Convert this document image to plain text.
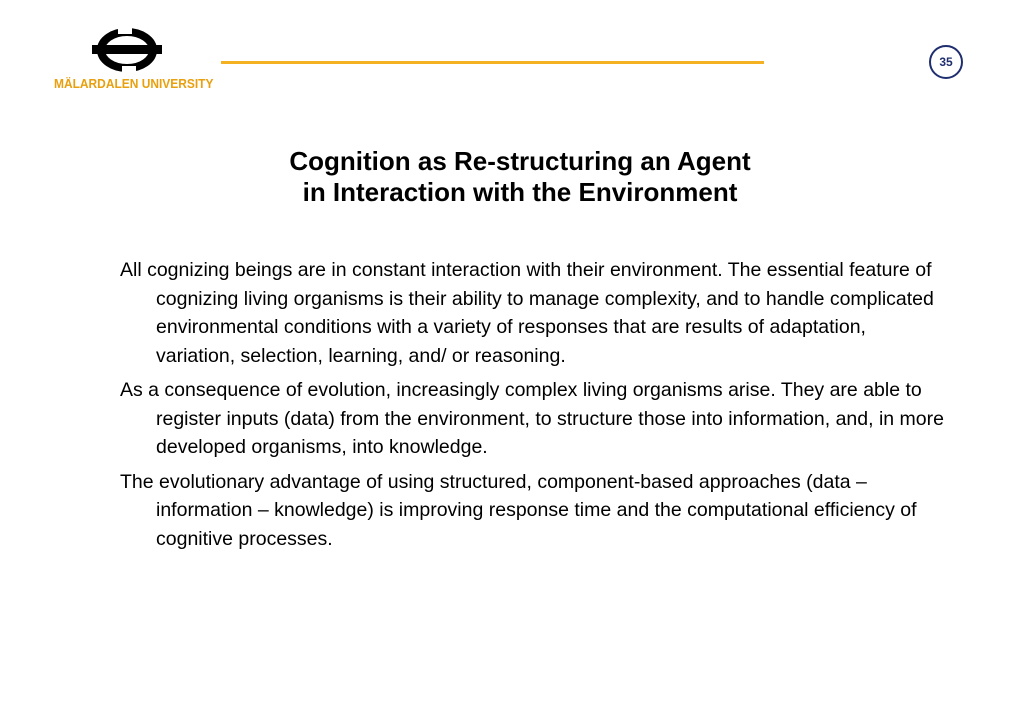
MÄLARDALEN UNIVERSITY
35
Cognition as Re-structuring an Agent
in Interaction with the Environment

All cognizing beings are in constant interaction with their environment. The essential feature of cognizing living organisms is their ability to manage complexity, and to handle complicated environmental conditions with a variety of responses that are results of adaptation, variation, selection, learning, and/ or reasoning.

As a consequence of evolution, increasingly complex living organisms arise. They are able to register inputs (data) from the environment, to structure those into information, and, in more developed organisms, into knowledge.

The evolutionary advantage of using structured, component-based approaches (data – information – knowledge) is improving response time and the computational efficiency of cognitive processes.
